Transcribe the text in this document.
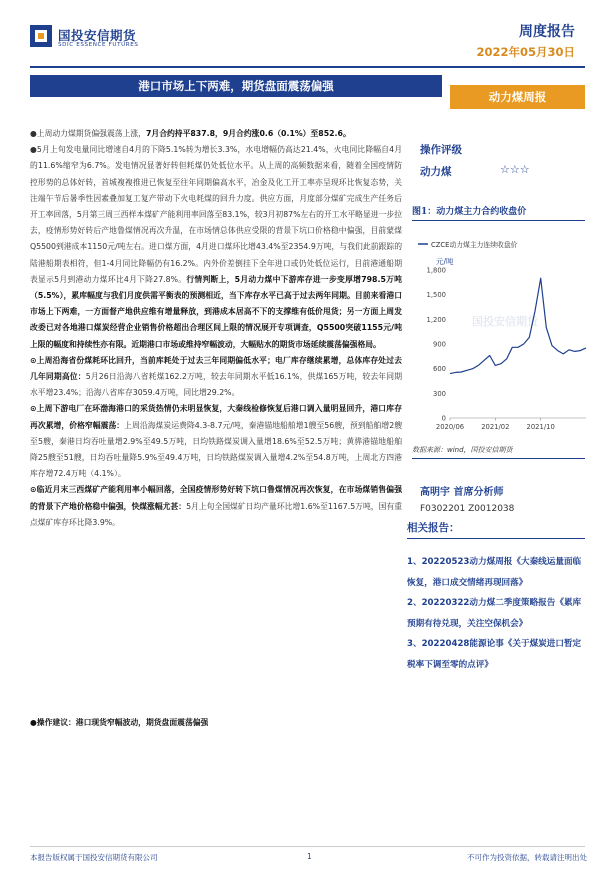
国投安信期货
SDIC ESSENCE FUTURES
周度报告
2022年05月30日
港口市场上下两难，期货盘面震荡偏强
动力煤周报

●上周动力煤期货偏强震荡上涨，7月合约持平837.8，9月合约涨0.6（0.1%）至852.6。

●5月上旬发电量同比增速自4月的下降5.1%转为增长3.3%，水电增幅仍高达21.4%，火电同比降幅自4月的11.6%缩窄为6.7%。发电情况显著好转但耗煤仍处低位水平。从上周的高频数据来看，随着全国疫情防控形势的总体好转，首城複複推进已恢复至往年同期偏高水平，冶金及化工开工率亦呈现环比恢复态势，关注端午节后暑季性因素叠加复工复产带动下火电耗煤的回升力度。供应方面，月度部分煤矿完成生产任务后开工率回落，5月第三周三西样本煤矿产能利用率回落至83.1%，较3月初87%左右的开工水平略显进一步拉去，疫情形势好转后产地鲁煤情况再次升温，在市场情总体供应受限的背景下坑口价格稳中偏强，目前蒙煤Q5500到港成本1150元/吨左右。进口煤方面，4月进口煤环比增43.4%至2354.9万吨，与我们此前跟踪的陆港船期表相符，但1-4月同比降幅仍有16.2%。内外价差倒挂下全年进口或仍处低位运行，目前港通船期表显示5月到港动力煤环比4月下降27.8%。行情判断上，5月动力煤中下游库存进一步变厚增798.5万吨（5.5%），累库幅度与我们月度供需平衡表的预测相近，当下库存水平已高于过去两年同期。目前来看港口市场上下两难，一方面督产地供应维有增量释放，到港成本居高不下的支撑维有低价甩货；另一方面上周发改委已对各地港口煤炭经营企业销售价格超出合理区间上限的情况展开专项调查，Q5500突破1155元/吨上限的幅度和持续性亦有限。近期港口市场或维持窄幅波动，大幅贴水的期货市场延续震荡偏强格局。

⊙上周沿海省份煤耗环比回升，当前库耗处于过去三年同期偏低水平；电厂库存继续累增，总体库存处过去几年同期高位：5月26日沿海八省耗煤162.2万吨，较去年同期水平低16.1%，供煤165万吨，较去年同期水平增23.4%；沿海八省库存3059.4万吨，同比增29.2%。

⊙上周下游电厂在环渤海港口的采货热情仍未明显恢复，大秦线检修恢复后港口调入量明显回升，港口库存再次累增，价格窄幅震荡：上周沿海煤炭运费降4.3-8.7元/吨，秦港锚地船舶增1艘至56艘，预到船舶增2艘至5艘，秦港日均吞吐量增2.9%至49.5万吨，日均铁路煤炭调入量增18.6%至52.5万吨；黄骅港锚地船舶降25艘至51艘，日均吞吐量降5.9%至49.4万吨，日均铁路煤炭调入量增4.2%至54.8万吨，上周北方四港库存增72.4万吨（4.1%）。

⊙临近月末三西煤矿产能利用率小幅回落，全国疫情形势好转下坑口鲁煤情况再次恢复，在市场煤销售偏强的背景下产地价格稳中偏强，快煤涨幅尤甚：5月上旬全国煤矿日均产量环比增1.6%至1167.5万吨，国有重点煤矿库存环比降3.9%。

●操作建议：港口现货窄幅波动，期货盘面震荡偏强
操作评级
动力煤	☆☆☆
图1：动力煤主力合约收盘价
国投安信期货
CZCE动力煤主力连续收盘价
元/吨
0
300
600
900
1,200
1,500
1,800
2020/06	2021/02	2021/10
数据来源：wind，国投安信期货
高明宇 首席分析师
F0302201 Z0012038
相关报告：
1、20220523动力煤周报《大秦线运量面临恢复，港口成交情绪再现回落》
2、20220322动力煤二季度策略报告《累库预期有待兑现，关注空保机会》
3、20220428能源论事《关于煤炭进口暂定税率下调至零的点评》
本报告版权属于国投安信期货有限公司	1	不可作为投资依据，转载请注明出处
